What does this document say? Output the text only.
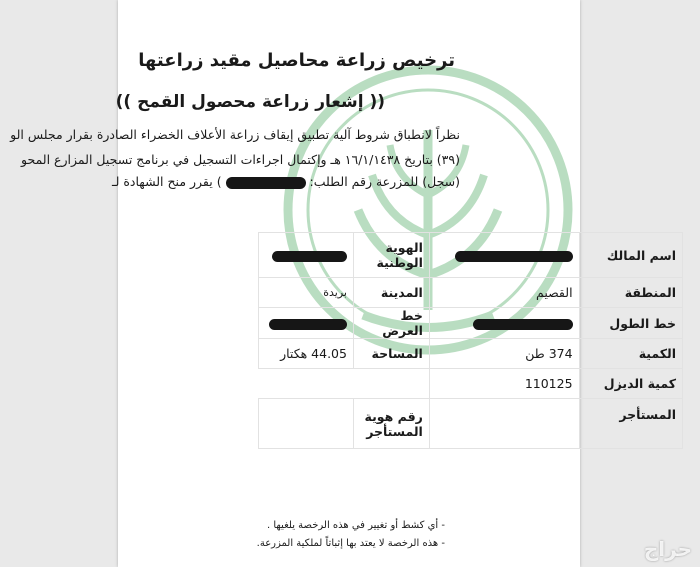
ترخيص زراعة محاصيل مقيد زراعتها
(( إشعار زراعة محصول القمح ))
نظراً لانطباق شروط آلية تطبيق إيقاف زراعة الأعلاف الخضراء الصادرة بقرار مجلس الو
(٣٩) بتاريخ ١٦/١/١٤٣٨ هـ وإكتمال اجراءات التسجيل في برنامج تسجيل المزارع المحو
(سجل) للمزرعة رقم الطلب:  ) يقرر منح الشهادة لـ
اسم المالك		الهوية الوطنية	
المنطقة	القصيم	المدينة	بريدة
خط الطول		خط العرض	
الكمية	374 طن	المساحة	44.05 هكتار
كمية الديزل	110125		
المستأجر		رقم هوية
المستأجر	

- أي كشط أو تغيير في هذه الرخصة يلغيها .
- هذه الرخصة لا يعتد بها إثباتاً لملكية المزرعة.	حراج
